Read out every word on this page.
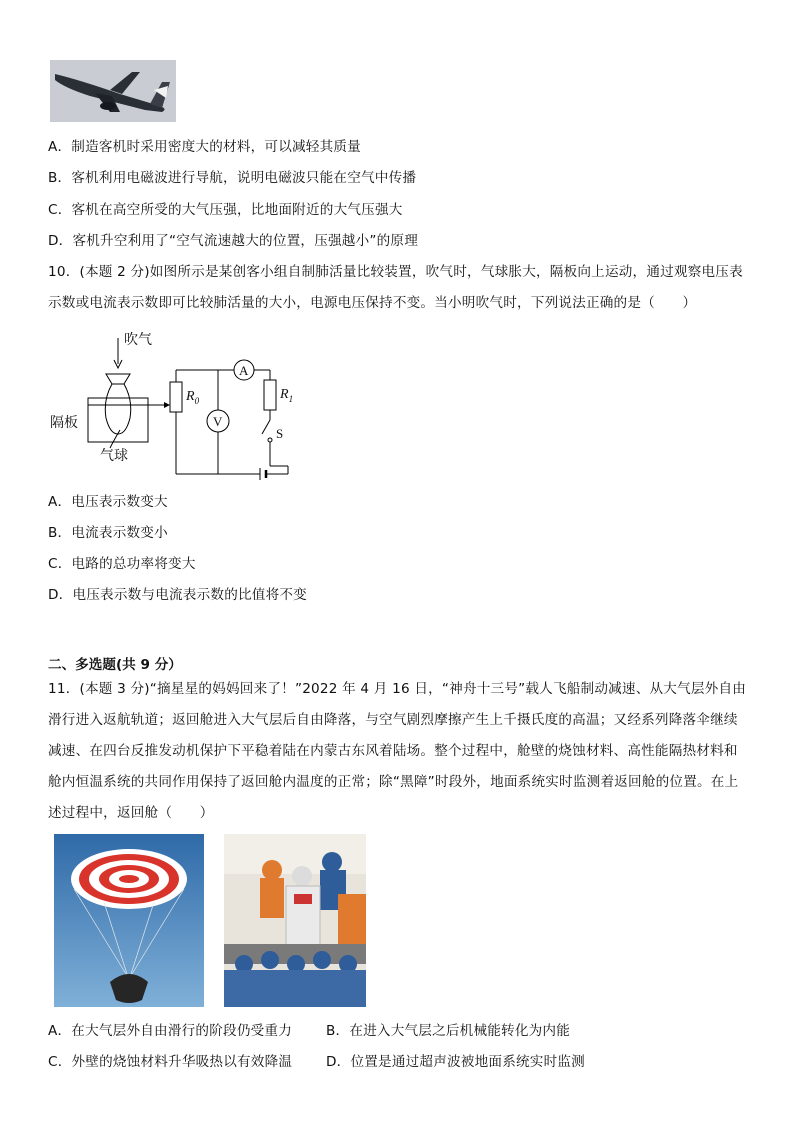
A．制造客机时采用密度大的材料，可以减轻其质量
B．客机利用电磁波进行导航，说明电磁波只能在空气中传播
C．客机在高空所受的大气压强，比地面附近的大气压强大
D．客机升空利用了“空气流速越大的位置，压强越小”的原理
10．(本题 2 分)如图所示是某创客小组自制肺活量比较装置，吹气时，气球胀大，隔板向上运动，通过观察电压表示数或电流表示数即可比较肺活量的大小，电源电压保持不变。当小明吹气时，下列说法正确的是（　　）
吹气
隔板
气球
$R_0$
A
V
$R_1$
S
A．电压表示数变大
B．电流表示数变小
C．电路的总功率将变大
D．电压表示数与电流表示数的比值将不变
二、多选题(共 9 分）
11．(本题 3 分)“摘星星的妈妈回来了！”2022 年 4 月 16 日，“神舟十三号”载人飞船制动减速、从大气层外自由滑行进入返航轨道；返回舱进入大气层后自由降落，与空气剧烈摩擦产生上千摄氏度的高温；又经系列降落伞继续减速、在四台反推发动机保护下平稳着陆在内蒙古东风着陆场。整个过程中，舱壁的烧蚀材料、高性能隔热材料和舱内恒温系统的共同作用保持了返回舱内温度的正常；除“黑障”时段外，地面系统实时监测着返回舱的位置。在上述过程中，返回舱（　　）
A．在大气层外自由滑行的阶段仍受重力	B．在进入大气层之后机械能转化为内能
C．外壁的烧蚀材料升华吸热以有效降温 D．位置是通过超声波被地面系统实时监测
